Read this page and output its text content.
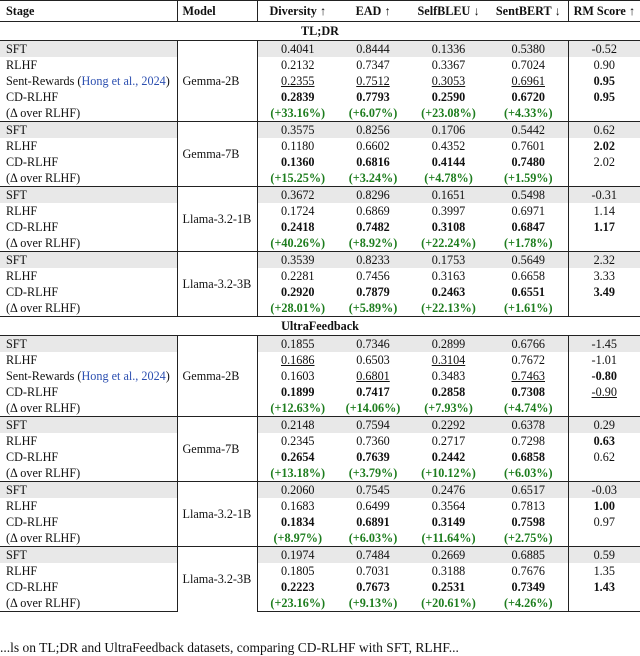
Stage	Model	Diversity ↑	EAD ↑	SelfBLEU ↓	SentBERT ↓	RM Score ↑
TL;DR						
SFT	Gemma-2B	0.4041	0.8444	0.1336	0.5380	-0.52
RLHF		0.2132	0.7347	0.3367	0.7024	0.90
Sent-Rewards (Hong et al., 2024)		0.2355	0.7512	0.3053	0.6961	0.95
CD-RLHF		0.2839	0.7793	0.2590	0.6720	0.95
(Δ over RLHF)		(+33.16%)	(+6.07%)	(+23.08%)	(+4.33%)	
SFT	Gemma-7B	0.3575	0.8256	0.1706	0.5442	0.62
RLHF		0.1180	0.6602	0.4352	0.7601	2.02
CD-RLHF		0.1360	0.6816	0.4144	0.7480	2.02
(Δ over RLHF)		(+15.25%)	(+3.24%)	(+4.78%)	(+1.59%)	
SFT	Llama-3.2-1B	0.3672	0.8296	0.1651	0.5498	-0.31
RLHF		0.1724	0.6869	0.3997	0.6971	1.14
CD-RLHF		0.2418	0.7482	0.3108	0.6847	1.17
(Δ over RLHF)		(+40.26%)	(+8.92%)	(+22.24%)	(+1.78%)	
SFT	Llama-3.2-3B	0.3539	0.8233	0.1753	0.5649	2.32
RLHF		0.2281	0.7456	0.3163	0.6658	3.33
CD-RLHF		0.2920	0.7879	0.2463	0.6551	3.49
(Δ over RLHF)		(+28.01%)	(+5.89%)	(+22.13%)	(+1.61%)	
UltraFeedback						
SFT	Gemma-2B	0.1855	0.7346	0.2899	0.6766	-1.45
RLHF		0.1686	0.6503	0.3104	0.7672	-1.01
Sent-Rewards (Hong et al., 2024)		0.1603	0.6801	0.3483	0.7463	-0.80
CD-RLHF		0.1899	0.7417	0.2858	0.7308	-0.90
(Δ over RLHF)		(+12.63%)	(+14.06%)	(+7.93%)	(+4.74%)	
SFT	Gemma-7B	0.2148	0.7594	0.2292	0.6378	0.29
RLHF		0.2345	0.7360	0.2717	0.7298	0.63
CD-RLHF		0.2654	0.7639	0.2442	0.6858	0.62
(Δ over RLHF)		(+13.18%)	(+3.79%)	(+10.12%)	(+6.03%)	
SFT	Llama-3.2-1B	0.2060	0.7545	0.2476	0.6517	-0.03
RLHF		0.1683	0.6499	0.3564	0.7813	1.00
CD-RLHF		0.1834	0.6891	0.3149	0.7598	0.97
(Δ over RLHF)		(+8.97%)	(+6.03%)	(+11.64%)	(+2.75%)	
SFT	Llama-3.2-3B	0.1974	0.7484	0.2669	0.6885	0.59
RLHF		0.1805	0.7031	0.3188	0.7676	1.35
CD-RLHF		0.2223	0.7673	0.2531	0.7349	1.43
(Δ over RLHF)		(+23.16%)	(+9.13%)	(+20.61%)	(+4.26%)	
...ls on TL;DR and UltraFeedback datasets, comparing CD-RLHF with SFT, RLHF...
